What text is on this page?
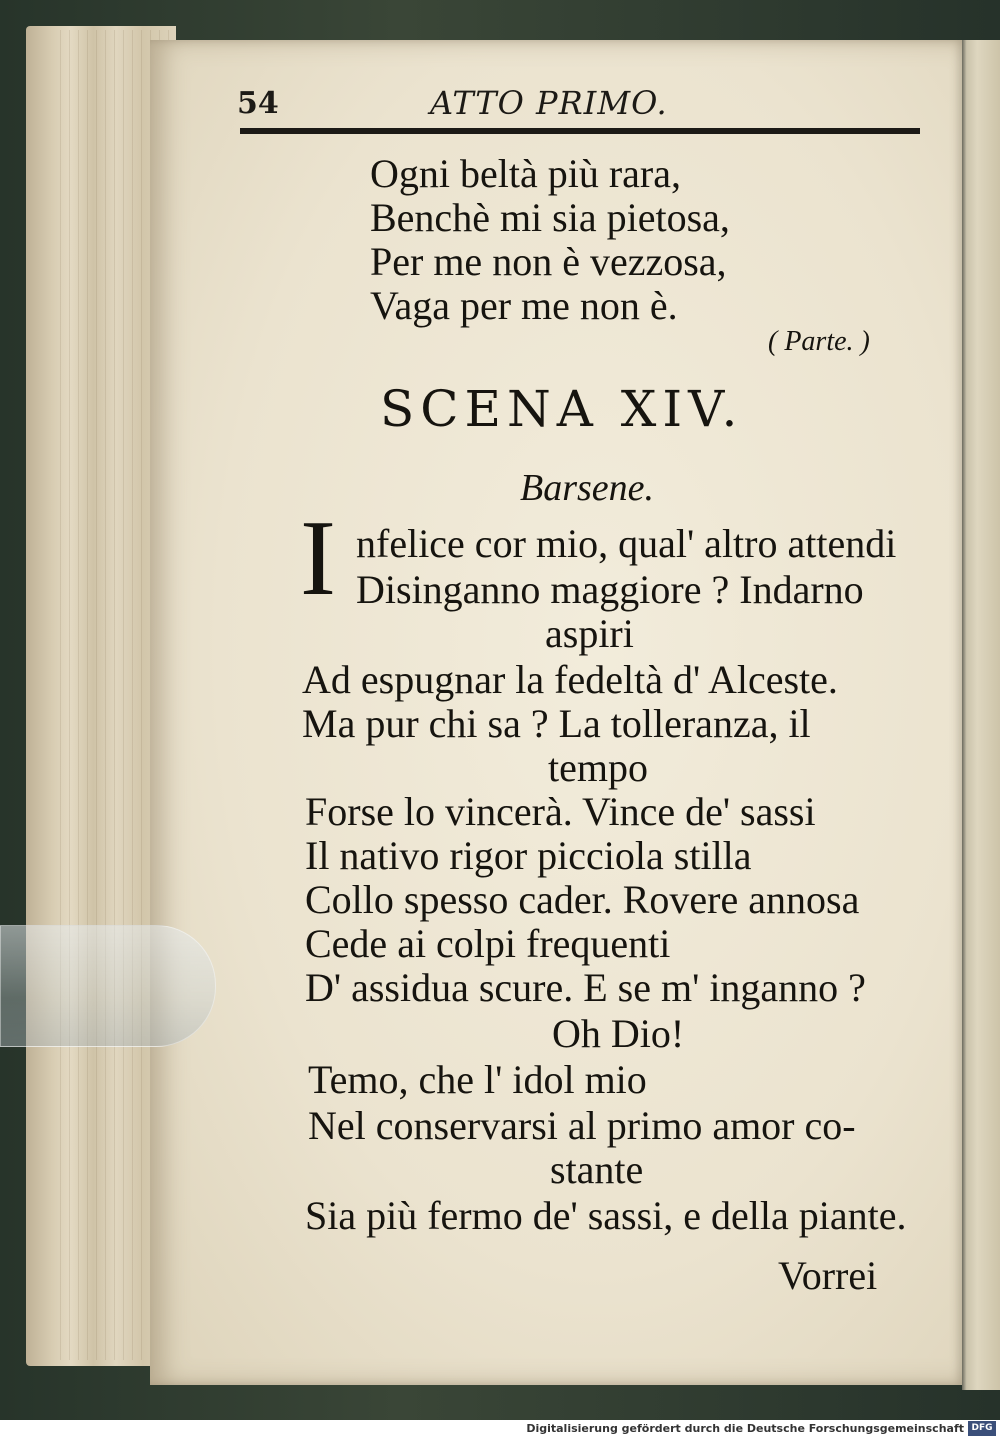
54	ATTO PRIMO.
Ogni beltà più rara,
Benchè mi sia pietosa,
Per me non è vezzosa,
Vaga per me non è.
( Parte. )
SCENA XIV.
Barsene.
I nfelice cor mio, qual' altro attendi
Disinganno maggiore ? Indarno
aspiri
Ad espugnar la fedeltà d' Alceste.
Ma pur chi sa ? La tolleranza, il
tempo
Forse lo vincerà. Vince de' sassi
Il nativo rigor picciola stilla
Collo spesso cader. Rovere annosa
Cede ai colpi frequenti
D' assidua scure. E se m' inganno ?
Oh Dio!
Temo, che l' idol mio
Nel conservarsi al primo amor co-
stante
Sia più fermo de' sassi, e della piante.
Vorrei
Digitalisierung gefördert durch die Deutsche Forschungsgemeinschaft DFG
